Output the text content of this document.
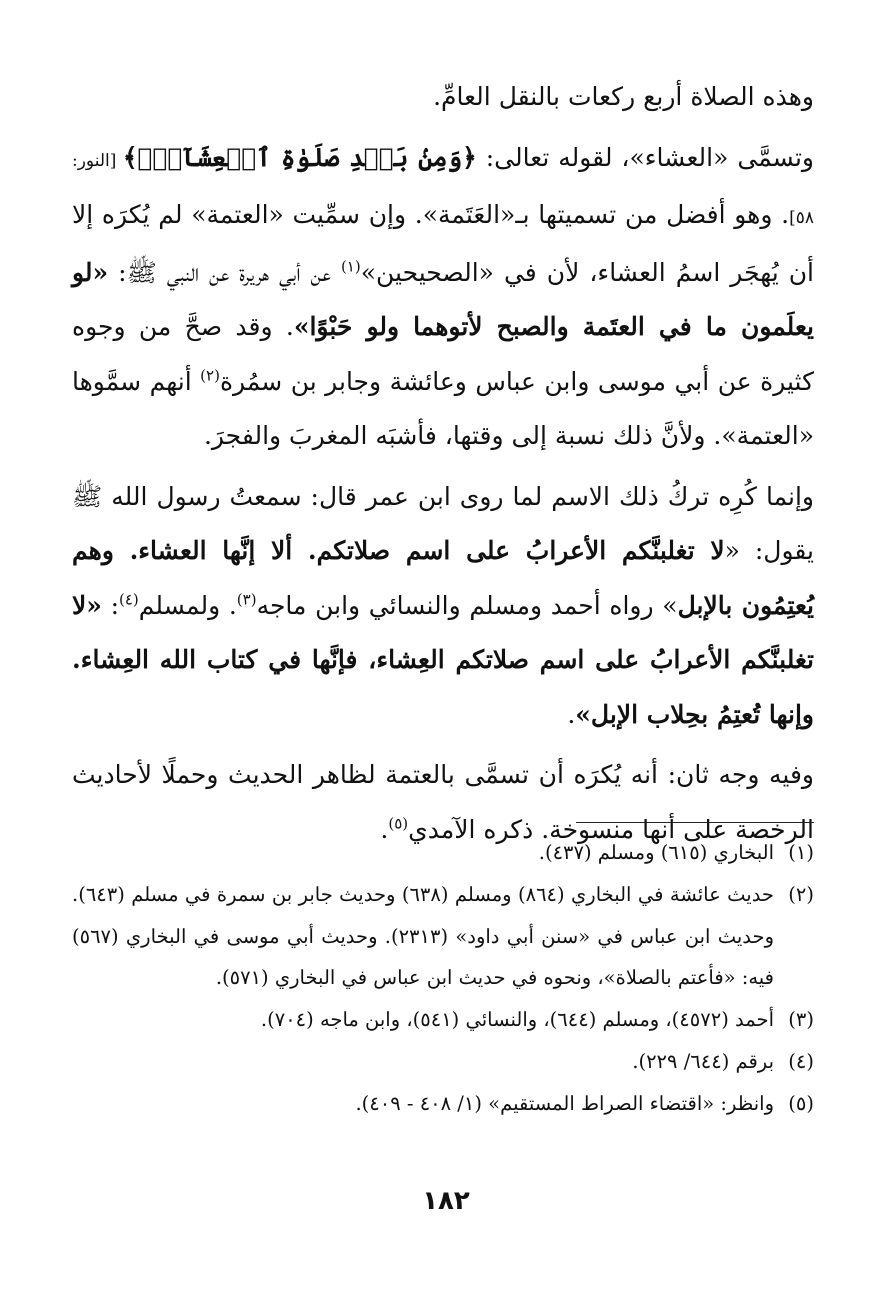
وهذه الصلاة أربع ركعات بالنقل العامِّ.

وتسمَّى «العشاء»، لقوله تعالى: ﴿وَمِنۢ بَعۡدِ صَلَوٰةِ ٱلۡعِشَآءِۚ﴾ [النور: ٥٨]. وهو أفضل من تسميتها بـ«العَتَمة». وإن سمِّيت «العتمة» لم يُكرَه إلا أن يُهجَر اسمُ العشاء، لأن في «الصحيحين»$^{(١)}$ عن أبي هريرة عن النبي ﷺ: «لو يعلَمون ما في العتَمة والصبح لأتوهما ولو حَبْوًا». وقد صحَّ من وجوه كثيرة عن أبي موسى وابن عباس وعائشة وجابر بن سمُرة$^{(٢)}$ أنهم سمَّوها «العتمة». ولأنَّ ذلك نسبة إلى وقتها، فأشبَه المغربَ والفجرَ.

وإنما كُرِه تركُ ذلك الاسم لما روى ابن عمر قال: سمعتُ رسول الله ﷺ يقول: «لا تغلبنَّكم الأعرابُ على اسم صلاتكم. ألا إنَّها العشاء. وهم يُعتِمُون بالإبل» رواه أحمد ومسلم والنسائي وابن ماجه$^{(٣)}$. ولمسلم$^{(٤)}$: «لا تغلبنَّكم الأعرابُ على اسم صلاتكم العِشاء، فإنَّها في كتاب الله العِشاء. وإنها تُعتِمُ بحِلاب الإبل».

وفيه وجه ثان: أنه يُكرَه أن تسمَّى بالعتمة لظاهر الحديث وحملًا لأحاديث الرخصة على أنها منسوخة. ذكره الآمدي$^{(٥)}$.

(١)
البخاري (٦١٥) ومسلم (٤٣٧).
(٢)
حديث عائشة في البخاري (٨٦٤) ومسلم (٦٣٨) وحديث جابر بن سمرة في مسلم (٦٤٣). وحديث ابن عباس في «سنن أبي داود» (٢٣١٣). وحديث أبي موسى في البخاري (٥٦٧) فيه: «فأعتم بالصلاة»، ونحوه في حديث ابن عباس في البخاري (٥٧١).
(٣)
أحمد (٤٥٧٢)، ومسلم (٦٤٤)، والنسائي (٥٤١)، وابن ماجه (٧٠٤).
(٤)
برقم (٦٤٤/ ٢٢٩).
(٥)
وانظر: «اقتضاء الصراط المستقيم» (١/ ٤٠٨ - ٤٠٩).
١٨٢
